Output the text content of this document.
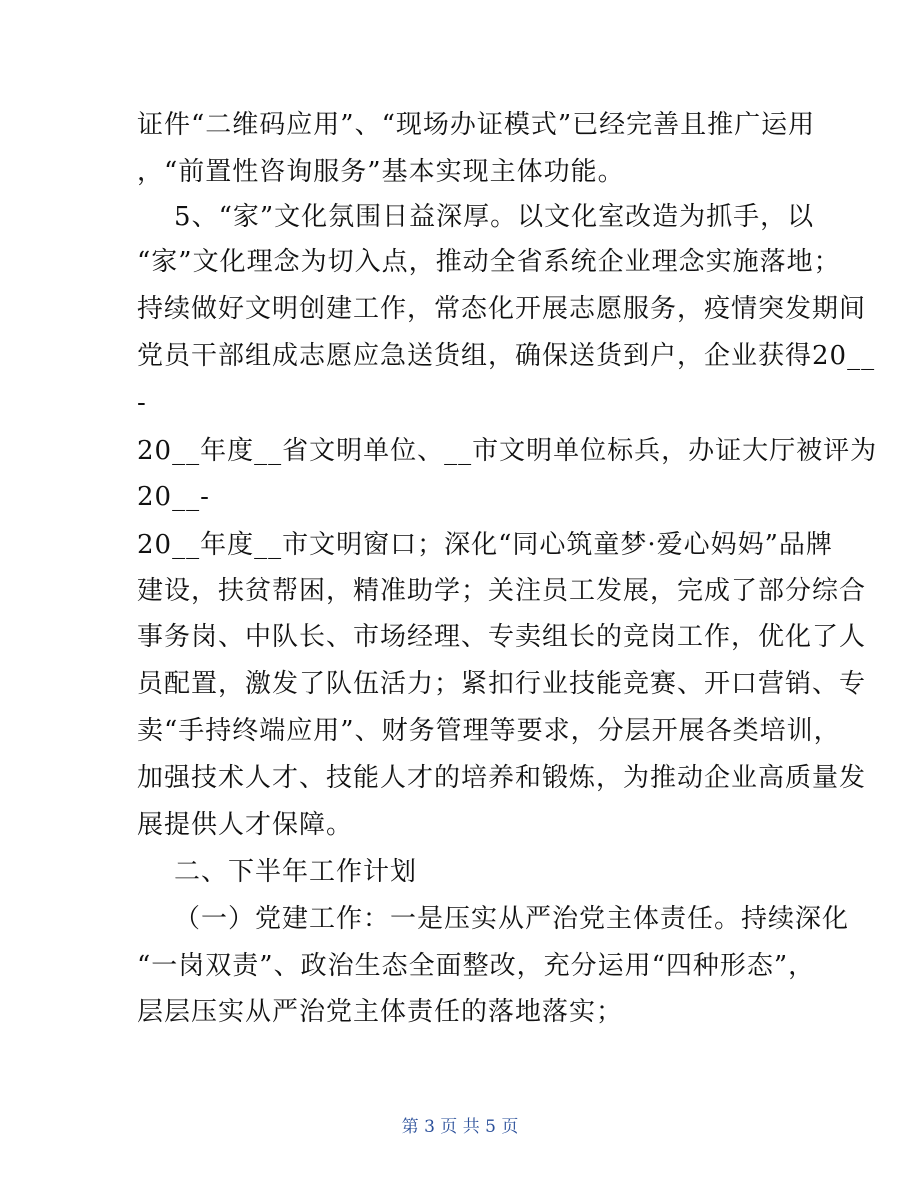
证件“二维码应用”、“现场办证模式”已经完善且推广运用
，“前置性咨询服务”基本实现主体功能。
5、“家”文化氛围日益深厚。以文化室改造为抓手，以
“家”文化理念为切入点，推动全省系统企业理念实施落地；
持续做好文明创建工作，常态化开展志愿服务，疫情突发期间
党员干部组成志愿应急送货组，确保送货到户，企业获得20__
-
20__年度__省文明单位、__市文明单位标兵，办证大厅被评为
20__-
20__年度__市文明窗口；深化“同心筑童梦·爱心妈妈”品牌
建设，扶贫帮困，精准助学；关注员工发展，完成了部分综合
事务岗、中队长、市场经理、专卖组长的竞岗工作，优化了人
员配置，激发了队伍活力；紧扣行业技能竞赛、开口营销、专
卖“手持终端应用”、财务管理等要求，分层开展各类培训，
加强技术人才、技能人才的培养和锻炼，为推动企业高质量发
展提供人才保障。
二、下半年工作计划
（一）党建工作：一是压实从严治党主体责任。持续深化
“一岗双责”、政治生态全面整改，充分运用“四种形态”，
层层压实从严治党主体责任的落地落实；
第 3 页 共 5 页
